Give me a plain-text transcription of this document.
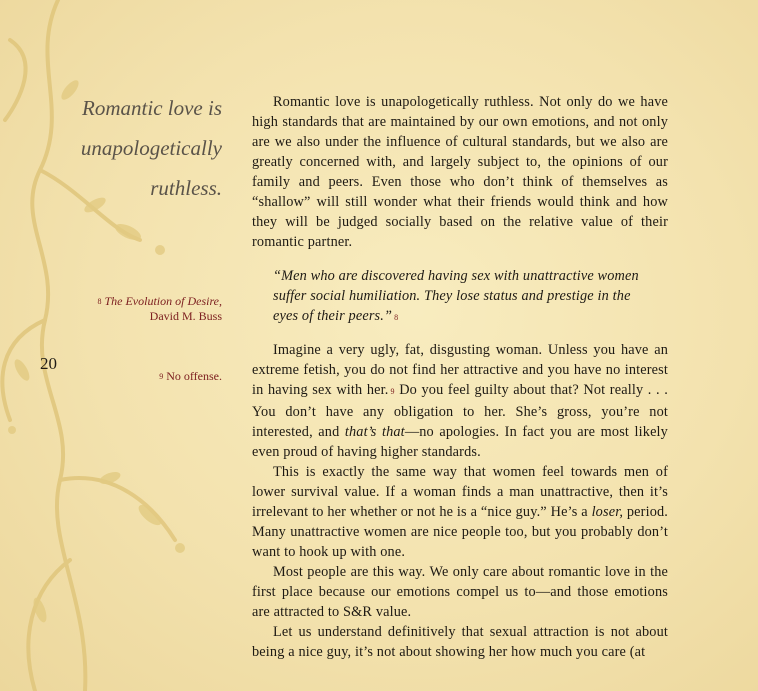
Romantic love is
unapologetically
ruthless.
8 The Evolution of Desire,
David M. Buss
20
9 No offense.

Romantic love is unapologetically ruthless. Not only do we have high standards that are maintained by our own emotions, and not only are we also under the influence of cultural standards, but we also are greatly concerned with, and largely subject to, the opinions of our family and peers. Even those who don’t think of themselves as “shallow” will still wonder what their friends would think and how they will be judged socially based on the relative value of their romantic partner.

“Men who are discovered having sex with unattractive women suffer social humiliation. They lose status and prestige in the eyes of their peers.” 8

Imagine a very ugly, fat, disgusting woman. Unless you have an extreme fetish, you do not find her attractive and you have no interest in having sex with her. 9 Do you feel guilty about that? Not really . . . You don’t have any obligation to her. She’s gross, you’re not interested, and that’s that—no apologies. In fact you are most likely even proud of having higher standards.

This is exactly the same way that women feel towards men of lower survival value. If a woman finds a man unattractive, then it’s irrelevant to her whether or not he is a “nice guy.” He’s a loser, period. Many unattractive women are nice people too, but you probably don’t want to hook up with one.

Most people are this way. We only care about romantic love in the first place because our emotions compel us to—and those emotions are attracted to S&R value.

Let us understand definitively that sexual attraction is not about being a nice guy, it’s not about showing her how much you care (at
